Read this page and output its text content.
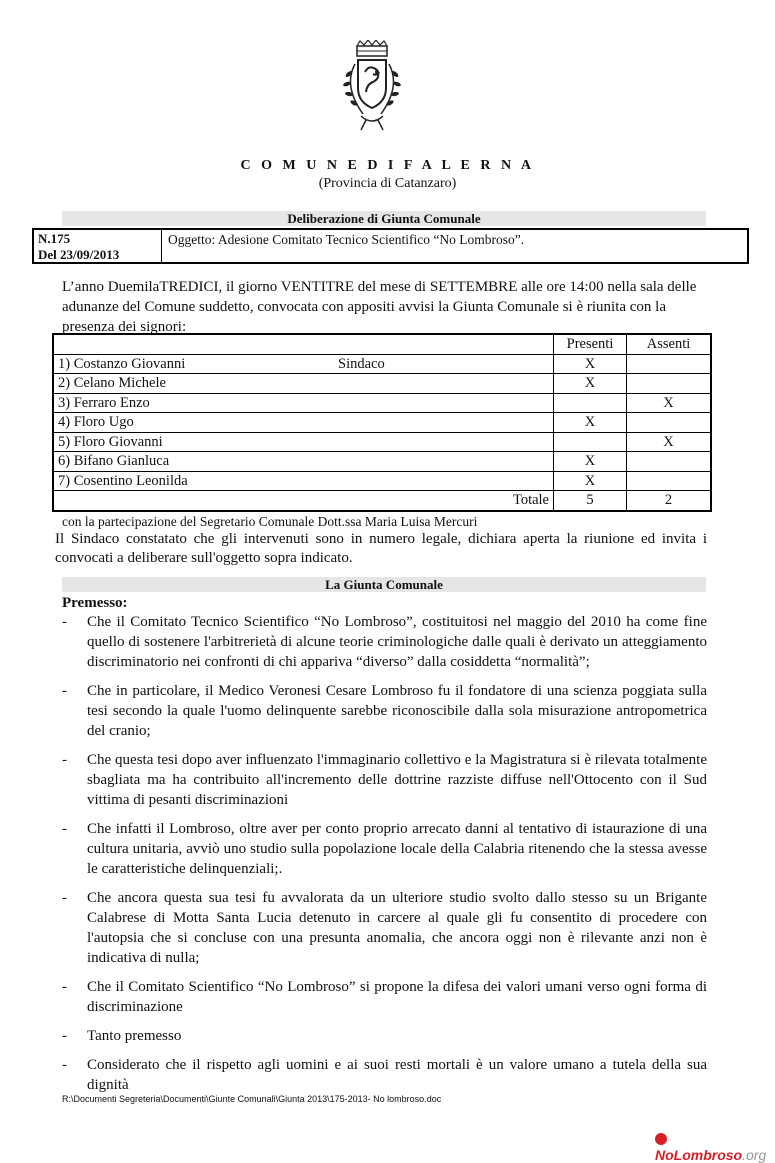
C O M U N E D I F A L E R N A
(Provincia di Catanzaro)
Deliberazione di Giunta Comunale
N.175
Del 23/09/2013
Oggetto: Adesione Comitato Tecnico Scientifico “No Lombroso”.
L’anno DuemilaTREDICI, il giorno VENTITRE del mese di SETTEMBRE alle ore 14:00 nella sala delle adunanze del Comune suddetto, convocata con appositi avvisi la Giunta Comunale si è riunita con la presenza dei signori:
	Presenti	Assenti
1) Costanzo Giovanni Sindaco	X	
2) Celano Michele	X	
3) Ferraro Enzo		X
4) Floro Ugo	X	
5) Floro Giovanni		X
6) Bifano Gianluca	X	
7) Cosentino Leonilda	X	
Totale	5	2
con la partecipazione del Segretario Comunale Dott.ssa Maria Luisa Mercuri
Il Sindaco constatato che gli intervenuti sono in numero legale, dichiara aperta la riunione ed invita i convocati a deliberare sull'oggetto sopra indicato.
La Giunta Comunale
Premesso:
- Che il Comitato Tecnico Scientifico “No Lombroso”, costituitosi nel maggio del 2010 ha come fine quello di sostenere l'arbitrerietà di alcune teorie criminologiche dalle quali è derivato un atteggiamento discriminatorio nei confronti di chi appariva “diverso” dalla cosiddetta “normalità”;
- Che in particolare, il Medico Veronesi Cesare Lombroso fu il fondatore di una scienza poggiata sulla tesi secondo la quale l'uomo delinquente sarebbe riconoscibile dalla sola misurazione antropometrica del cranio;
- Che questa tesi dopo aver influenzato l'immaginario collettivo e la Magistratura si è rilevata totalmente sbagliata ma ha contribuito all'incremento delle dottrine razziste diffuse nell'Ottocento con il Sud vittima di pesanti discriminazioni
- Che infatti il Lombroso, oltre aver per conto proprio arrecato danni al tentativo di istaurazione di una cultura unitaria, avviò uno studio sulla popolazione locale della Calabria ritenendo che la stessa avesse le caratteristiche delinquenziali;.
- Che ancora questa sua tesi fu avvalorata da un ulteriore studio svolto dallo stesso su un Brigante Calabrese di Motta Santa Lucia detenuto in carcere al quale gli fu consentito di procedere con l'autopsia che si concluse con una presunta anomalia, che ancora oggi non è rilevante anzi non è indicativa di nulla;
- Che il Comitato Scientifico “No Lombroso” si propone la difesa dei valori umani verso ogni forma di discriminazione
- Tanto premesso
- Considerato che il rispetto agli uomini e ai suoi resti mortali è un valore umano a tutela della sua dignità
R:\Documenti Segreteria\Documenti\Giunte Comunali\Giunta 2013\175-2013- No lombroso.doc
NoLombroso.org
